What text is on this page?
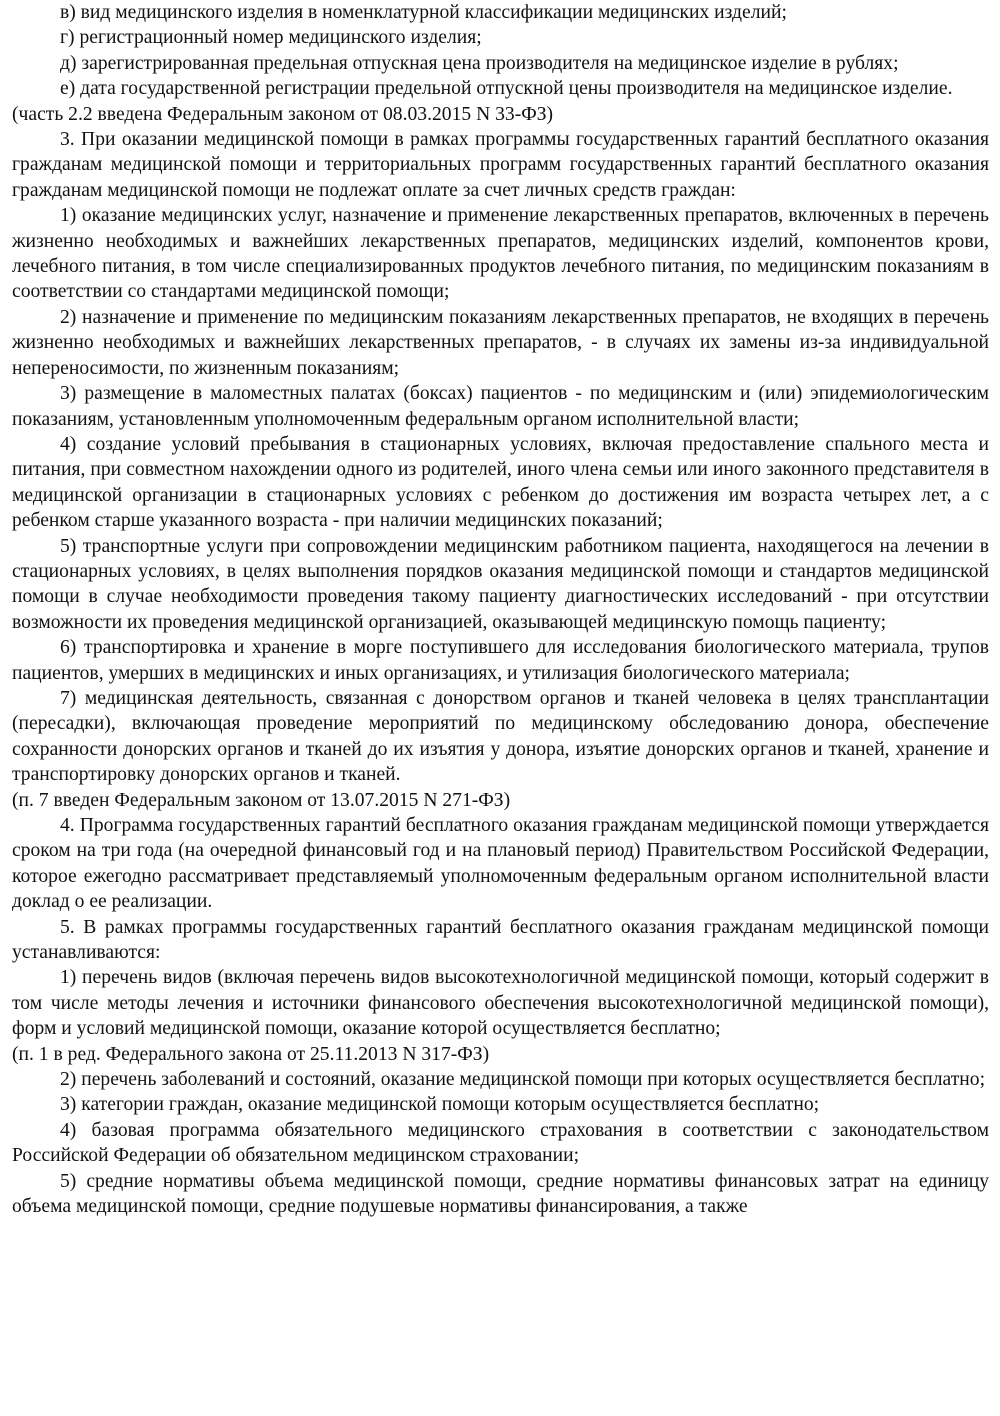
в) вид медицинского изделия в номенклатурной классификации медицинских изделий;

г) регистрационный номер медицинского изделия;

д) зарегистрированная предельная отпускная цена производителя на медицинское изделие в рублях;

е) дата государственной регистрации предельной отпускной цены производителя на медицинское изделие.

(часть 2.2 введена Федеральным законом от 08.03.2015 N 33-ФЗ)

3. При оказании медицинской помощи в рамках программы государственных гарантий бесплатного оказания гражданам медицинской помощи и территориальных программ государственных гарантий бесплатного оказания гражданам медицинской помощи не подлежат оплате за счет личных средств граждан:

1) оказание медицинских услуг, назначение и применение лекарственных препаратов, включенных в перечень жизненно необходимых и важнейших лекарственных препаратов, медицинских изделий, компонентов крови, лечебного питания, в том числе специализированных продуктов лечебного питания, по медицинским показаниям в соответствии со стандартами медицинской помощи;

2) назначение и применение по медицинским показаниям лекарственных препаратов, не входящих в перечень жизненно необходимых и важнейших лекарственных препаратов, - в случаях их замены из-за индивидуальной непереносимости, по жизненным показаниям;

3) размещение в маломестных палатах (боксах) пациентов - по медицинским и (или) эпидемиологическим показаниям, установленным уполномоченным федеральным органом исполнительной власти;

4) создание условий пребывания в стационарных условиях, включая предоставление спального места и питания, при совместном нахождении одного из родителей, иного члена семьи или иного законного представителя в медицинской организации в стационарных условиях с ребенком до достижения им возраста четырех лет, а с ребенком старше указанного возраста - при наличии медицинских показаний;

5) транспортные услуги при сопровождении медицинским работником пациента, находящегося на лечении в стационарных условиях, в целях выполнения порядков оказания медицинской помощи и стандартов медицинской помощи в случае необходимости проведения такому пациенту диагностических исследований - при отсутствии возможности их проведения медицинской организацией, оказывающей медицинскую помощь пациенту;

6) транспортировка и хранение в морге поступившего для исследования биологического материала, трупов пациентов, умерших в медицинских и иных организациях, и утилизация биологического материала;

7) медицинская деятельность, связанная с донорством органов и тканей человека в целях трансплантации (пересадки), включающая проведение мероприятий по медицинскому обследованию донора, обеспечение сохранности донорских органов и тканей до их изъятия у донора, изъятие донорских органов и тканей, хранение и транспортировку донорских органов и тканей.

(п. 7 введен Федеральным законом от 13.07.2015 N 271-ФЗ)

4. Программа государственных гарантий бесплатного оказания гражданам медицинской помощи утверждается сроком на три года (на очередной финансовый год и на плановый период) Правительством Российской Федерации, которое ежегодно рассматривает представляемый уполномоченным федеральным органом исполнительной власти доклад о ее реализации.

5. В рамках программы государственных гарантий бесплатного оказания гражданам медицинской помощи устанавливаются:

1) перечень видов (включая перечень видов высокотехнологичной медицинской помощи, который содержит в том числе методы лечения и источники финансового обеспечения высокотехнологичной медицинской помощи), форм и условий медицинской помощи, оказание которой осуществляется бесплатно;

(п. 1 в ред. Федерального закона от 25.11.2013 N 317-ФЗ)

2) перечень заболеваний и состояний, оказание медицинской помощи при которых осуществляется бесплатно;

3) категории граждан, оказание медицинской помощи которым осуществляется бесплатно;

4) базовая программа обязательного медицинского страхования в соответствии с законодательством Российской Федерации об обязательном медицинском страховании;

5) средние нормативы объема медицинской помощи, средние нормативы финансовых затрат на единицу объема медицинской помощи, средние подушевые нормативы финансирования, а также
